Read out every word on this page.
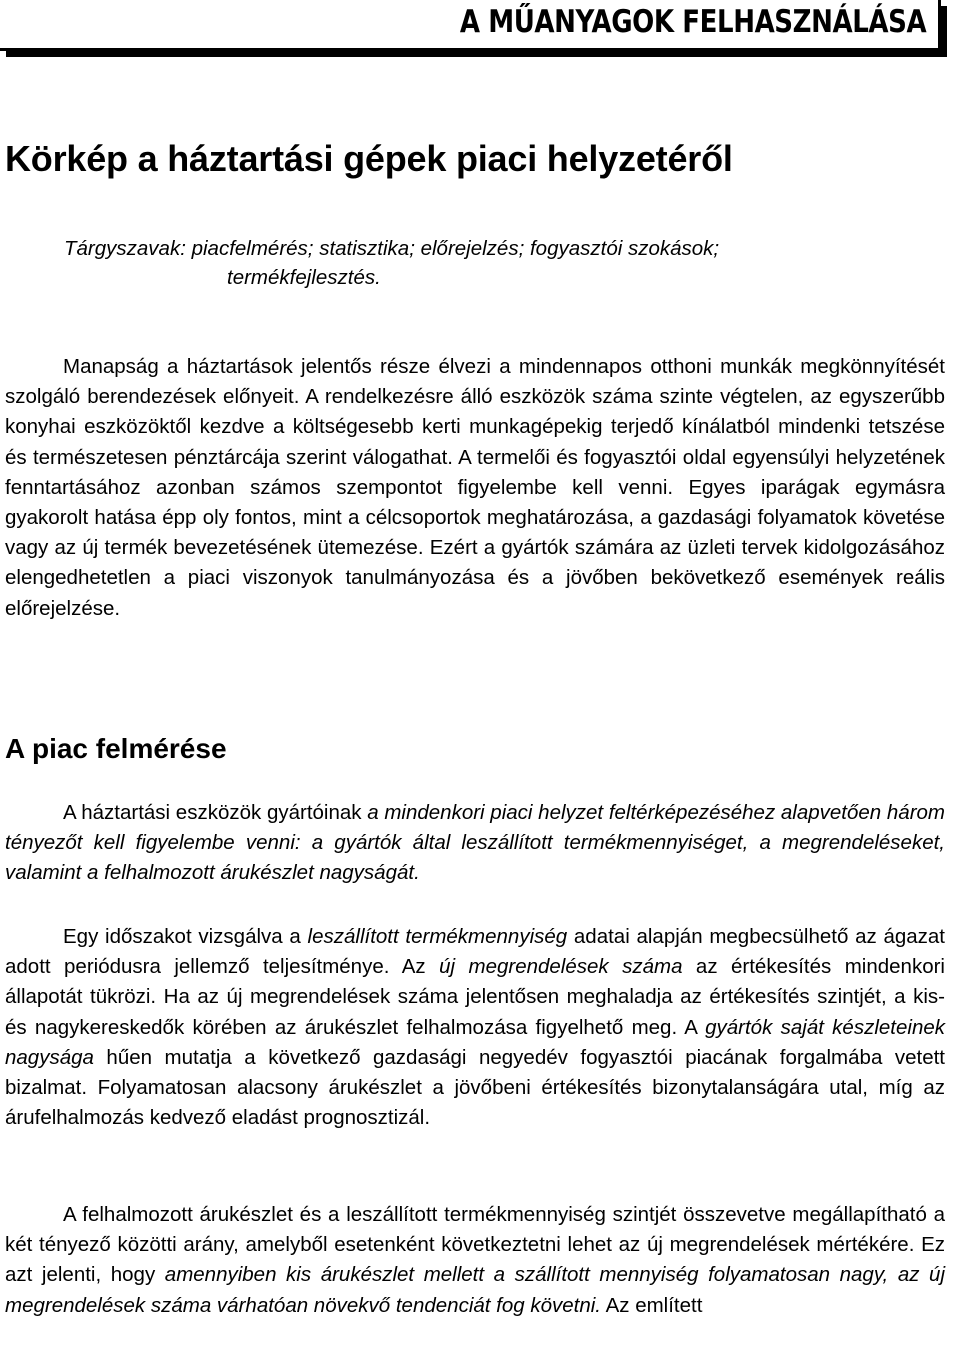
A MŰANYAGOK FELHASZNÁLÁSA
Körkép a háztartási gépek piaci helyzetéről

Tárgyszavak: piacfelmérés; statisztika; előrejelzés; fogyasztói szokások;
termékfejlesztés.

Manapság a háztartások jelentős része élvezi a mindennapos otthoni munkák megkönnyítését szolgáló berendezések előnyeit. A rendelkezésre álló eszközök száma szinte végtelen, az egyszerűbb konyhai eszközöktől kezdve a költségesebb kerti munkagépekig terjedő kínálatból mindenki tetszése és természetesen pénztárcája szerint válogathat. A termelői és fogyasztói oldal egyensúlyi helyzetének fenntartásához azonban számos szempontot figyelembe kell venni. Egyes iparágak egymásra gyakorolt hatása épp oly fontos, mint a célcsoportok meghatározása, a gazdasági folyamatok követése vagy az új termék bevezetésének ütemezése. Ezért a gyártók számára az üzleti tervek kidolgozásához elengedhetetlen a piaci viszonyok tanulmányozása és a jövőben bekövetkező események reális előrejelzése.

A piac felmérése

A háztartási eszközök gyártóinak a mindenkori piaci helyzet feltérképezéséhez alapvetően három tényezőt kell figyelembe venni: a gyártók által leszállított termékmennyiséget, a megrendeléseket, valamint a felhalmozott árukészlet nagyságát.

Egy időszakot vizsgálva a leszállított termékmennyiség adatai alapján megbecsülhető az ágazat adott periódusra jellemző teljesítménye. Az új megrendelések száma az értékesítés mindenkori állapotát tükrözi. Ha az új megrendelések száma jelentősen meghaladja az értékesítés szintjét, a kis- és nagykereskedők körében az árukészlet felhalmozása figyelhető meg. A gyártók saját készleteinek nagysága hűen mutatja a következő gazdasági negyedév fogyasztói piacának forgalmába vetett bizalmat. Folyamatosan alacsony árukészlet a jövőbeni értékesítés bizonytalanságára utal, míg az árufelhalmozás kedvező eladást prognosztizál.

A felhalmozott árukészlet és a leszállított termékmennyiség szintjét összevetve megállapítható a két tényező közötti arány, amelyből esetenként következtetni lehet az új megrendelések mértékére. Ez azt jelenti, hogy amennyiben kis árukészlet mellett a szállított mennyiség folyamatosan nagy, az új megrendelések száma várhatóan növekvő tendenciát fog követni. Az említett
